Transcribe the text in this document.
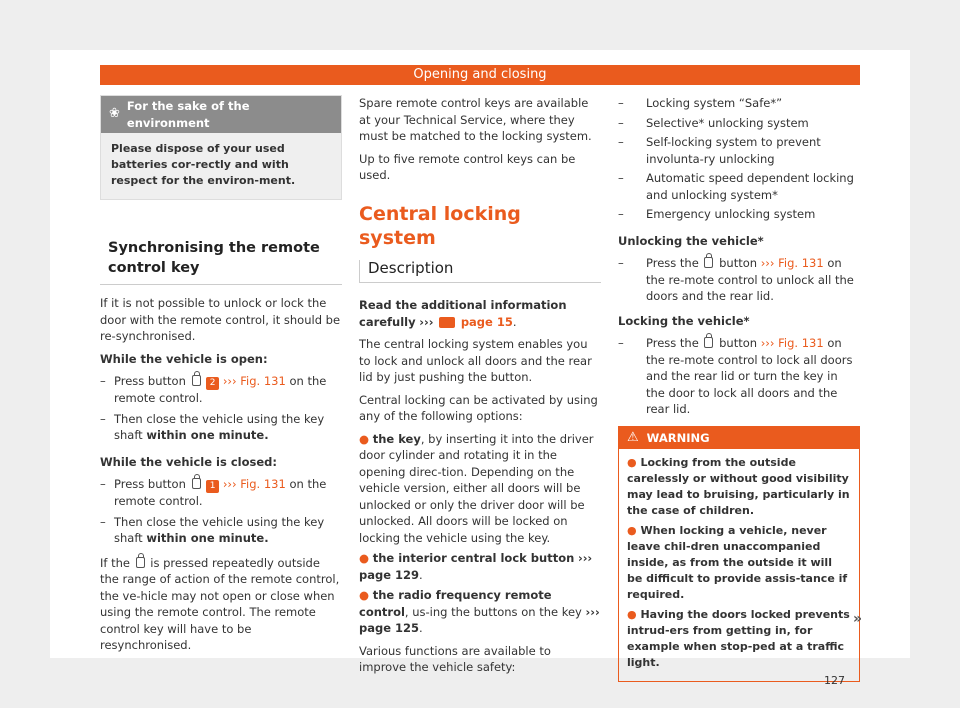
Opening and closing
❀
For the sake of the environment
Please dispose of your used batteries cor-rectly and with respect for the environ-ment.
Synchronising the remote control key
If it is not possible to unlock or lock the door with the remote control, it should be re-synchronised.
While the vehicle is open:
– Press button	2 ››› Fig. 131 on the remote control.
– Then close the vehicle using the key shaft within one minute.
While the vehicle is closed:
– Press button	1 ››› Fig. 131 on the remote control.
– Then close the vehicle using the key shaft within one minute.
If the is pressed repeatedly outside the range of action of the remote control, the ve-hicle may not open or close when using the remote control. The remote control key will have to be resynchronised.
Spare remote control keys are available at your Technical Service, where they must be matched to the locking system.
Up to five remote control keys can be used.
Central locking system
Description
Read the additional information carefully ››› page 15.
The central locking system enables you to lock and unlock all doors and the rear lid by just pushing the button.
Central locking can be activated by using any of the following options:
● the key, by inserting it into the driver door cylinder and rotating it in the opening direc-tion. Depending on the vehicle version, either all doors will be unlocked or only the driver door will be unlocked. All doors will be locked on locking the vehicle using the key.
● the interior central lock button ››› page 129.
● the radio frequency remote control, us-ing the buttons on the key ››› page 125.
Various functions are available to improve the vehicle safety:
– Locking system “Safe*”
– Selective* unlocking system
– Self-locking system to prevent involunta-ry unlocking
– Automatic speed dependent locking and unlocking system*
– Emergency unlocking system
Unlocking the vehicle*
– Press the button ››› Fig. 131 on the re-mote control to unlock all the doors and the rear lid.
Locking the vehicle*
– Press the button ››› Fig. 131 on the re-mote control to lock all doors and the rear lid or turn the key in the door to lock all doors and the rear lid.
⚠ WARNING
● Locking from the outside carelessly or without good visibility may lead to bruising, particularly in the case of children.
● When locking a vehicle, never leave chil-dren unaccompanied inside, as from the outside it will be difficult to provide assis-tance if required.
● Having the doors locked prevents intrud-ers from getting in, for example when stop-ped at a traffic light.
»
127
